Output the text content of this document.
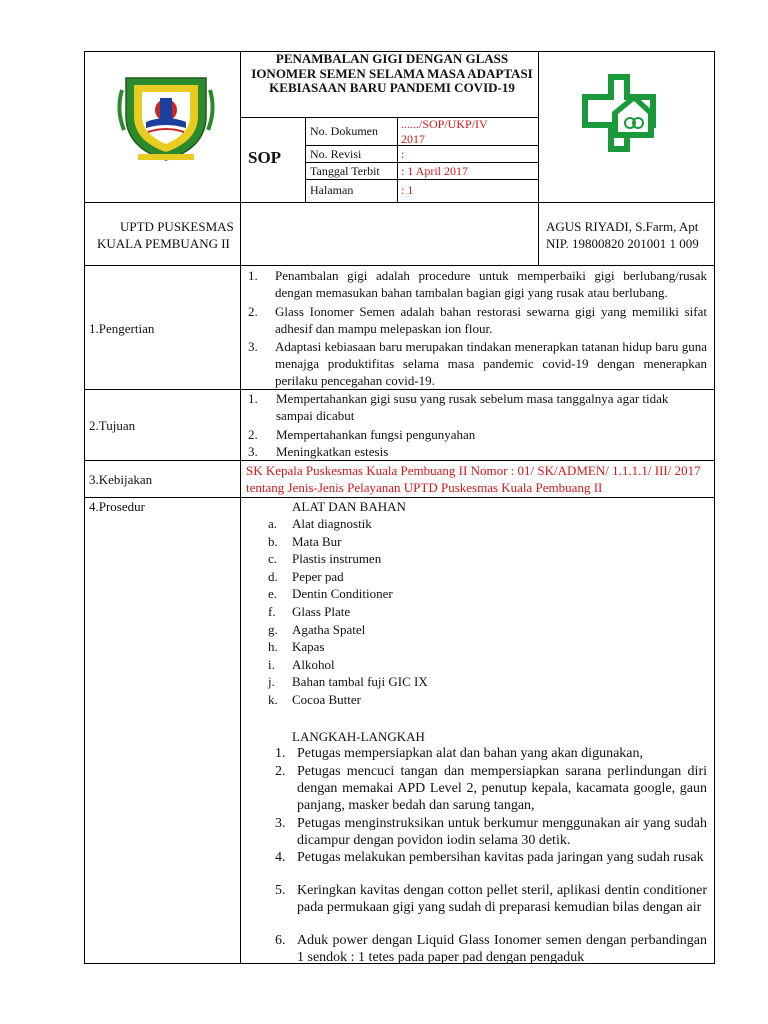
PENAMBALAN GIGI DENGAN GLASS IONOMER SEMEN SELAMA MASA ADAPTASI KEBIASAAN BARU PANDEMI COVID-19
SOP
No. Dokumen
No. Revisi
Tanggal Terbit
Halaman
....../SOP/UKP/IV 2017
:
: 1 April 2017
: 1
UPTD PUSKESMAS
KUALA PEMBUANG II
AGUS RIYADI, S.Farm, Apt
NIP. 19800820 201001 1 009
1.Pengertian
1. Penambalan gigi adalah procedure untuk memperbaiki gigi berlubang/rusak dengan memasukan bahan tambalan bagian gigi yang rusak atau berlubang.
2. Glass Ionomer Semen adalah bahan restorasi sewarna gigi yang memiliki sifat adhesif dan mampu melepaskan ion flour.
3. Adaptasi kebiasaan baru merupakan tindakan menerapkan tatanan hidup baru guna menajga produktifitas selama masa pandemic covid-19 dengan menerapkan perilaku pencegahan covid-19.
2.Tujuan
1. Mempertahankan gigi susu yang rusak sebelum masa tanggalnya agar tidak sampai dicabut
2. Mempertahankan fungsi pengunyahan
3. Meningkatkan estesis
3.Kebijakan
SK Kepala Puskesmas Kuala Pembuang II Nomor : 01/ SK/ADMEN/ 1.1.1.1/ III/ 2017 tentang Jenis-Jenis Pelayanan UPTD Puskesmas Kuala Pembuang II
4.Prosedur	ALAT DAN BAHAN
a. Alat diagnostik
b. Mata Bur
c. Plastis instrumen
d. Peper pad
e. Dentin Conditioner
f. Glass Plate
g. Agatha Spatel
h. Kapas
i. Alkohol
j. Bahan tambal fuji GIC IX
k. Cocoa Butter
LANGKAH-LANGKAH
1. Petugas mempersiapkan alat dan bahan yang akan digunakan,
2. Petugas mencuci tangan dan mempersiapkan sarana perlindungan diri dengan memakai APD Level 2, penutup kepala, kacamata google, gaun panjang, masker bedah dan sarung tangan,
3. Petugas menginstruksikan untuk berkumur menggunakan air yang sudah dicampur dengan povidon iodin selama 30 detik.
4. Petugas melakukan pembersihan kavitas pada jaringan yang sudah rusak
5. Keringkan kavitas dengan cotton pellet steril, aplikasi dentin conditioner pada permukaan gigi yang sudah di preparasi kemudian bilas dengan air
6. Aduk power dengan Liquid Glass Ionomer semen dengan perbandingan 1 sendok : 1 tetes pada paper pad dengan pengaduk
